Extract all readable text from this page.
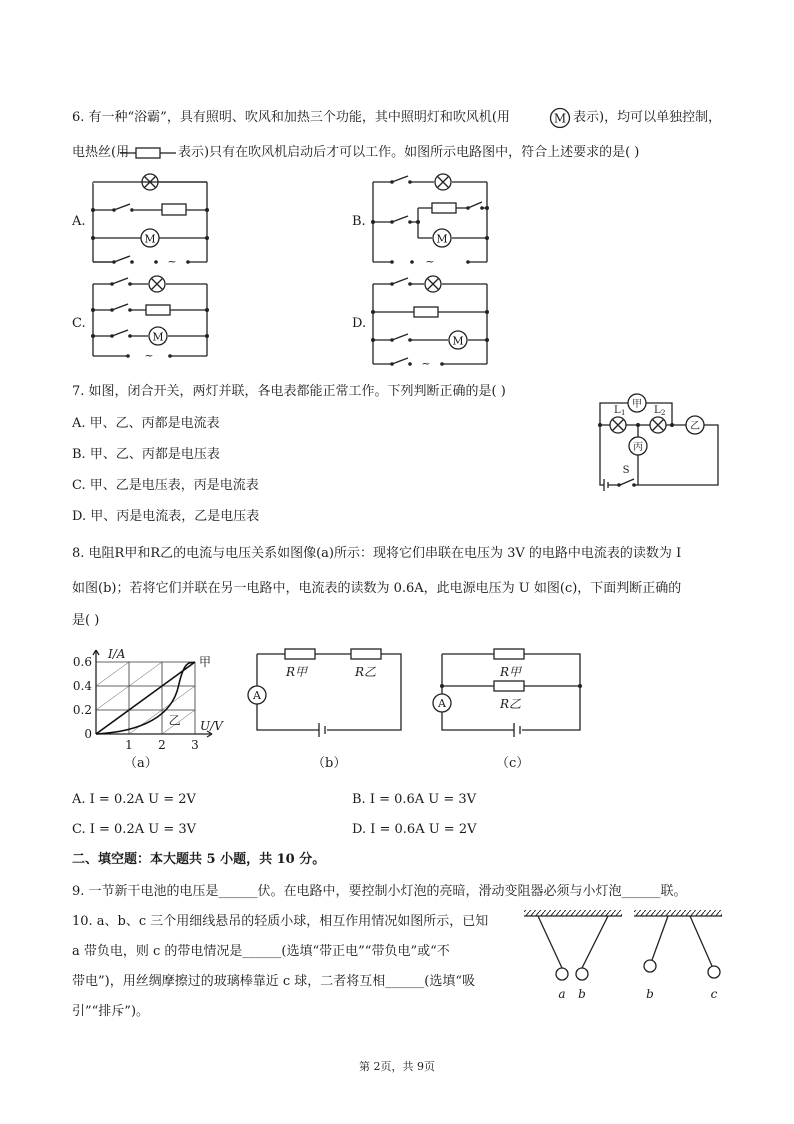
6. 有一种“浴霸”，具有照明、吹风和加热三个功能，其中照明灯和吹风机(用	M 表示)，均可以单独控制，
电热丝(用	表示)只有在吹风机启动后才可以工作。如图所示电路图中，符合上述要求的是( )
A.
M
~
B.
M
~
C.
M
~
D.
M
~
7. 如图，闭合开关，两灯并联，各电表都能正常工作。下列判断正确的是( )
A. 甲、乙、丙都是电流表
B. 甲、乙、丙都是电压表
C. 甲、乙是电压表，丙是电流表
D. 甲、丙是电流表，乙是电压表
甲
L 1	L 2
乙
丙
S
8. 电阻R甲和R乙的电流与电压关系如图像(a)所示：现将它们串联在电压为 3V 的电路中电流表的读数为 I
如图(b)；若将它们并联在另一电路中，电流表的读数为 0.6A，此电源电压为 U 如图(c)，下面判断正确的
是( )
I/A
U/V
1 2 3
0.6
0.4
0.2
0
甲
乙
（a）
A
R甲	R乙
（b）
A
R甲
R乙
（c）
A. I = 0.2A U = 2V	B. I = 0.6A U = 3V
C. I = 0.2A U = 3V	D. I = 0.6A U = 2V
二、填空题：本大题共 5 小题，共 10 分。
9. 一节新干电池的电压是______伏。在电路中，要控制小灯泡的亮暗，滑动变阻器必须与小灯泡______联。
10. a、b、c 三个用细线悬吊的轻质小球，相互作用情况如图所示，已知
a 带负电，则 c 的带电情况是______(选填“带正电”“带负电”或“不
带电”)，用丝绸摩擦过的玻璃棒靠近 c 球，二者将互相______(选填“吸
引”“排斥”)。
a b	b	c
第 2页，共 9页
